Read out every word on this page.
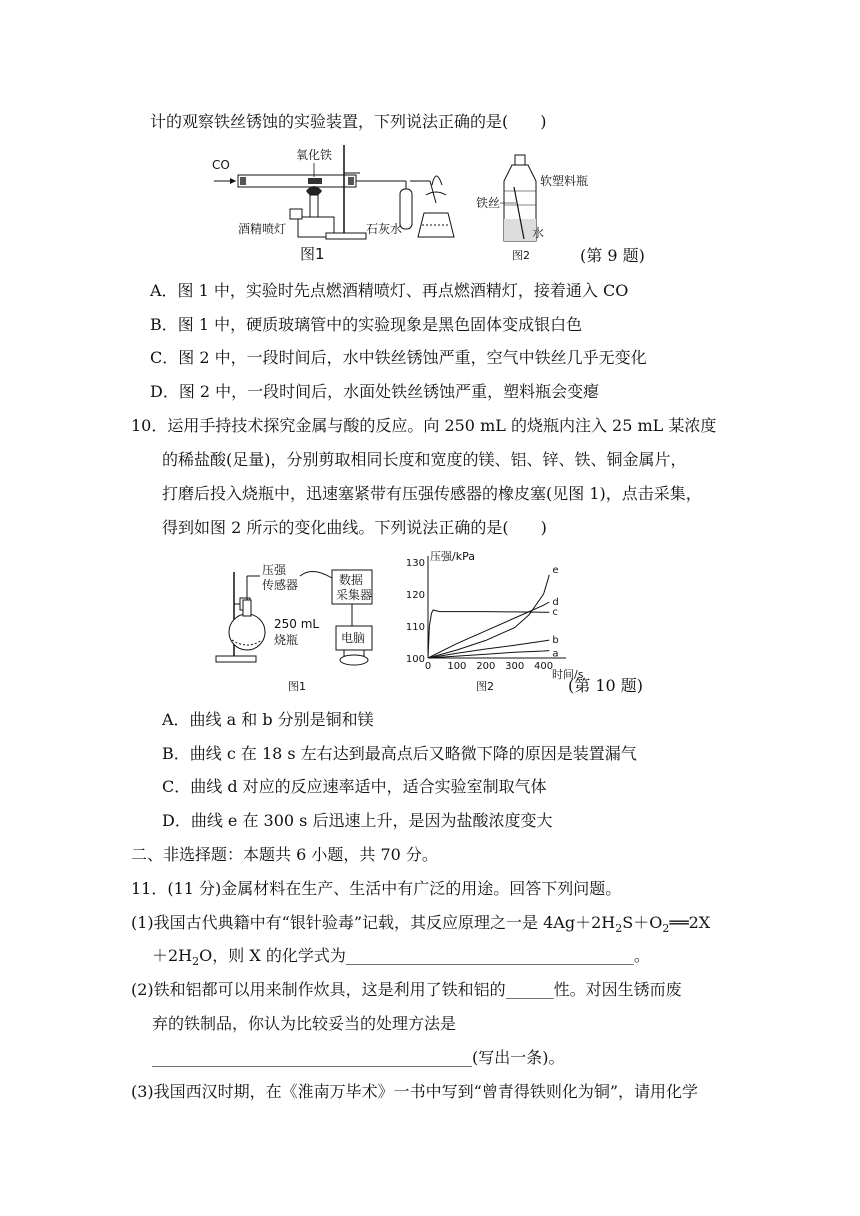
计的观察铁丝锈蚀的实验装置，下列说法正确的是(　　)
CO
氧化铁
酒精喷灯	石灰水
图1
软塑料瓶
铁丝
水
图2	(第 9 题)
A．图 1 中，实验时先点燃酒精喷灯、再点燃酒精灯，接着通入 CO
B．图 1 中，硬质玻璃管中的实验现象是黑色固体变成银白色
C．图 2 中，一段时间后，水中铁丝锈蚀严重，空气中铁丝几乎无变化
D．图 2 中，一段时间后，水面处铁丝锈蚀严重，塑料瓶会变瘪
10．运用手持技术探究金属与酸的反应。向 250 mL 的烧瓶内注入 25 mL 某浓度
的稀盐酸(足量)，分别剪取相同长度和宽度的镁、铝、锌、铁、铜金属片，
打磨后投入烧瓶中，迅速塞紧带有压强传感器的橡皮塞(见图 1)，点击采集，
得到如图 2 所示的变化曲线。下列说法正确的是(　　)
压强
传感器	数据
采集器
电脑
250 mL
烧瓶
图1
压强/kPa
时间/s
0 100 200 300 400
100
110
120
130
a
b
c
d
e
图2	(第 10 题)
A．曲线 a 和 b 分别是铜和镁
B．曲线 c 在 18 s 左右达到最高点后又略微下降的原因是装置漏气
C．曲线 d 对应的反应速率适中，适合实验室制取气体
D．曲线 e 在 300 s 后迅速上升，是因为盐酸浓度变大
二、非选择题：本题共 6 小题，共 70 分。
11．(11 分)金属材料在生产、生活中有广泛的用途。回答下列问题。
(1)我国古代典籍中有“银针验毒”记载，其反应原理之一是 $4Ag+2H_2S+O_2══2X$
$+2H_2O$，则 X 的化学式为____________________________________。
(2)铁和铝都可以用来制作炊具，这是利用了铁和铝的______性。对因生锈而废
弃的铁制品，你认为比较妥当的处理方法是
________________________________________(写出一条)。
(3)我国西汉时期，在《淮南万毕术》一书中写到“曾青得铁则化为铜”，请用化学
